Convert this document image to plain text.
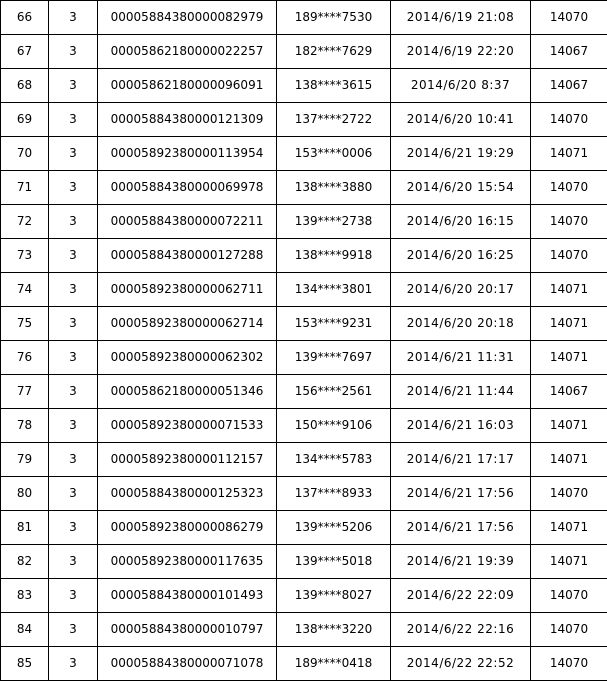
66	3	00005884380000082979	189****7530	2014/6/19 21:08	14070
67	3	00005862180000022257	182****7629	2014/6/19 22:20	14067
68	3	00005862180000096091	138****3615	2014/6/20 8:37	14067
69	3	00005884380000121309	137****2722	2014/6/20 10:41	14070
70	3	00005892380000113954	153****0006	2014/6/21 19:29	14071
71	3	00005884380000069978	138****3880	2014/6/20 15:54	14070
72	3	00005884380000072211	139****2738	2014/6/20 16:15	14070
73	3	00005884380000127288	138****9918	2014/6/20 16:25	14070
74	3	00005892380000062711	134****3801	2014/6/20 20:17	14071
75	3	00005892380000062714	153****9231	2014/6/20 20:18	14071
76	3	00005892380000062302	139****7697	2014/6/21 11:31	14071
77	3	00005862180000051346	156****2561	2014/6/21 11:44	14067
78	3	00005892380000071533	150****9106	2014/6/21 16:03	14071
79	3	00005892380000112157	134****5783	2014/6/21 17:17	14071
80	3	00005884380000125323	137****8933	2014/6/21 17:56	14070
81	3	00005892380000086279	139****5206	2014/6/21 17:56	14071
82	3	00005892380000117635	139****5018	2014/6/21 19:39	14071
83	3	00005884380000101493	139****8027	2014/6/22 22:09	14070
84	3	00005884380000010797	138****3220	2014/6/22 22:16	14070
85	3	00005884380000071078	189****0418	2014/6/22 22:52	14070
